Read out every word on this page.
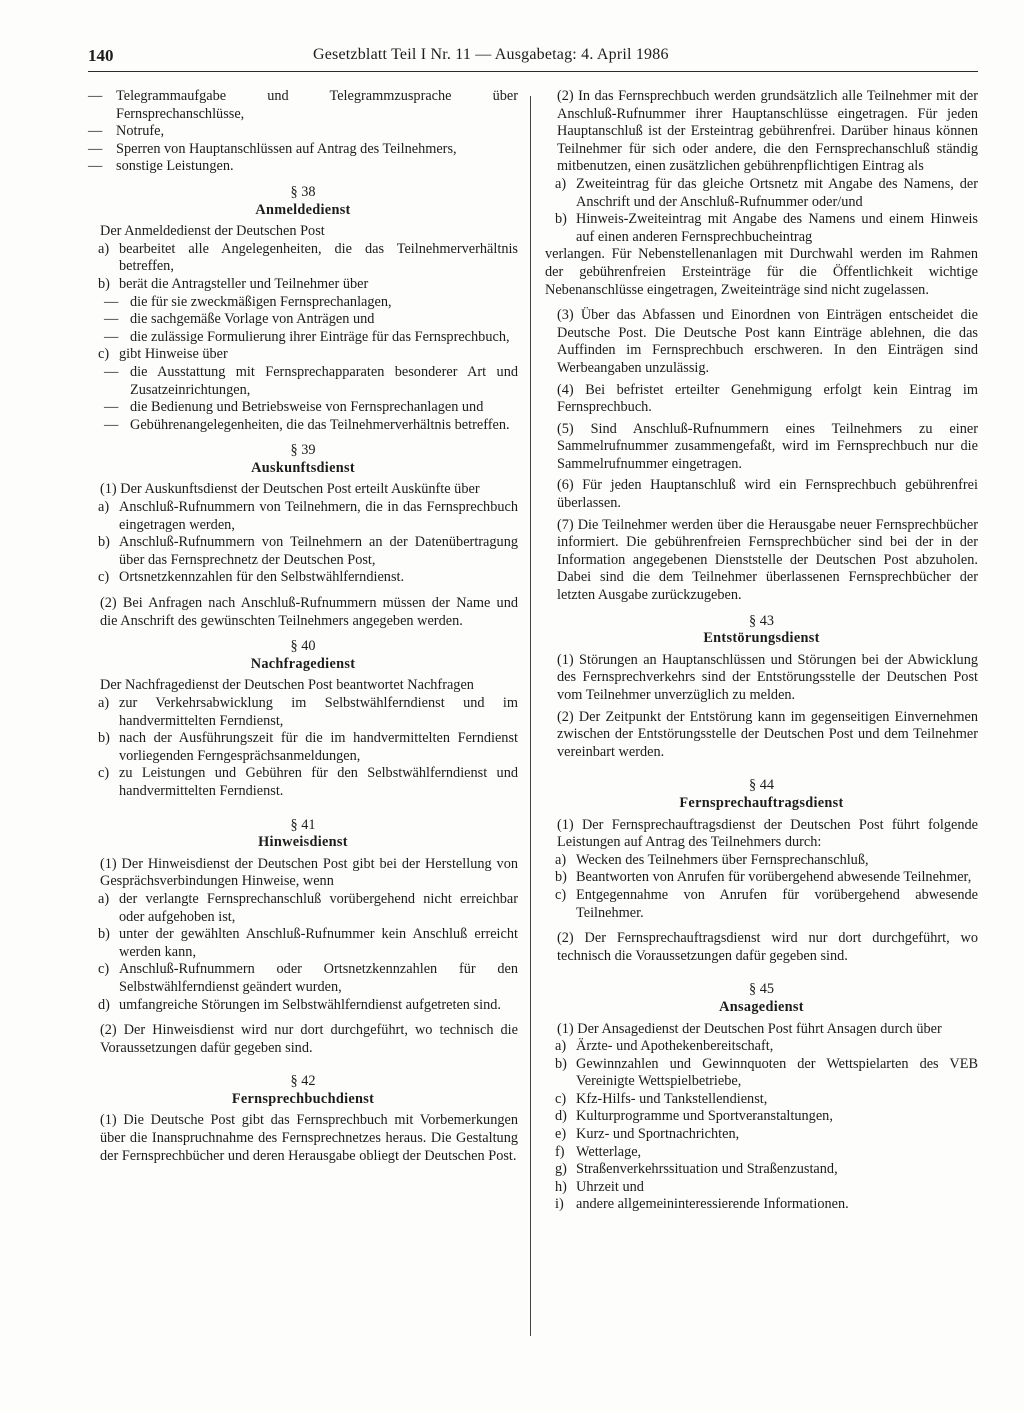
140	Gesetzblatt Teil I Nr. 11 — Ausgabetag: 4. April 1986
— Telegrammaufgabe und Telegrammzusprache über Fernsprechanschlüsse,
— Notrufe,
— Sperren von Hauptanschlüssen auf Antrag des Teilnehmers,
— sonstige Leistungen.
§ 38
Anmeldedienst

Der Anmeldedienst der Deutschen Post

a) bearbeitet alle Angelegenheiten, die das Teilnehmerverhältnis betreffen,
b) berät die Antragsteller und Teilnehmer über
— die für sie zweckmäßigen Fernsprechanlagen,
— die sachgemäße Vorlage von Anträgen und
— die zulässige Formulierung ihrer Einträge für das Fernsprechbuch,
c) gibt Hinweise über
— die Ausstattung mit Fernsprechapparaten besonderer Art und Zusatzeinrichtungen,
— die Bedienung und Betriebsweise von Fernsprechanlagen und
— Gebührenangelegenheiten, die das Teilnehmerverhältnis betreffen.
§ 39
Auskunftsdienst

(1) Der Auskunftsdienst der Deutschen Post erteilt Auskünfte über

a) Anschluß-Rufnummern von Teilnehmern, die in das Fernsprechbuch eingetragen werden,
b) Anschluß-Rufnummern von Teilnehmern an der Datenübertragung über das Fernsprechnetz der Deutschen Post,
c) Ortsnetzkennzahlen für den Selbstwählferndienst.

(2) Bei Anfragen nach Anschluß-Rufnummern müssen der Name und die Anschrift des gewünschten Teilnehmers angegeben werden.

§ 40
Nachfragedienst

Der Nachfragedienst der Deutschen Post beantwortet Nachfragen

a) zur Verkehrsabwicklung im Selbstwählferndienst und im handvermittelten Ferndienst,
b) nach der Ausführungszeit für die im handvermittelten Ferndienst vorliegenden Ferngesprächsanmeldungen,
c) zu Leistungen und Gebühren für den Selbstwählferndienst und handvermittelten Ferndienst.
§ 41
Hinweisdienst

(1) Der Hinweisdienst der Deutschen Post gibt bei der Herstellung von Gesprächsverbindungen Hinweise, wenn

a) der verlangte Fernsprechanschluß vorübergehend nicht erreichbar oder aufgehoben ist,
b) unter der gewählten Anschluß-Rufnummer kein Anschluß erreicht werden kann,
c) Anschluß-Rufnummern oder Ortsnetzkennzahlen für den Selbstwählferndienst geändert wurden,
d) umfangreiche Störungen im Selbstwählferndienst aufgetreten sind.

(2) Der Hinweisdienst wird nur dort durchgeführt, wo technisch die Voraussetzungen dafür gegeben sind.

§ 42
Fernsprechbuchdienst

(1) Die Deutsche Post gibt das Fernsprechbuch mit Vorbemerkungen über die Inanspruchnahme des Fernsprechnetzes heraus. Die Gestaltung der Fernsprechbücher und deren Herausgabe obliegt der Deutschen Post.

(2) In das Fernsprechbuch werden grundsätzlich alle Teilnehmer mit der Anschluß-Rufnummer ihrer Hauptanschlüsse eingetragen. Für jeden Hauptanschluß ist der Ersteintrag gebührenfrei. Darüber hinaus können Teilnehmer für sich oder andere, die den Fernsprechanschluß ständig mitbenutzen, einen zusätzlichen gebührenpflichtigen Eintrag als

a) Zweiteintrag für das gleiche Ortsnetz mit Angabe des Namens, der Anschrift und der Anschluß-Rufnummer oder/und
b) Hinweis-Zweiteintrag mit Angabe des Namens und einem Hinweis auf einen anderen Fernsprechbucheintrag

verlangen. Für Nebenstellenanlagen mit Durchwahl werden im Rahmen der gebührenfreien Ersteinträge für die Öffentlichkeit wichtige Nebenanschlüsse eingetragen, Zweiteinträge sind nicht zugelassen.

(3) Über das Abfassen und Einordnen von Einträgen entscheidet die Deutsche Post. Die Deutsche Post kann Einträge ablehnen, die das Auffinden im Fernsprechbuch erschweren. In den Einträgen sind Werbeangaben unzulässig.

(4) Bei befristet erteilter Genehmigung erfolgt kein Eintrag im Fernsprechbuch.

(5) Sind Anschluß-Rufnummern eines Teilnehmers zu einer Sammelrufnummer zusammengefaßt, wird im Fernsprechbuch nur die Sammelrufnummer eingetragen.

(6) Für jeden Hauptanschluß wird ein Fernsprechbuch gebührenfrei überlassen.

(7) Die Teilnehmer werden über die Herausgabe neuer Fernsprechbücher informiert. Die gebührenfreien Fernsprechbücher sind bei der in der Information angegebenen Dienststelle der Deutschen Post abzuholen. Dabei sind die dem Teilnehmer überlassenen Fernsprechbücher der letzten Ausgabe zurückzugeben.

§ 43
Entstörungsdienst

(1) Störungen an Hauptanschlüssen und Störungen bei der Abwicklung des Fernsprechverkehrs sind der Entstörungsstelle der Deutschen Post vom Teilnehmer unverzüglich zu melden.

(2) Der Zeitpunkt der Entstörung kann im gegenseitigen Einvernehmen zwischen der Entstörungsstelle der Deutschen Post und dem Teilnehmer vereinbart werden.

§ 44
Fernsprechauftragsdienst

(1) Der Fernsprechauftragsdienst der Deutschen Post führt folgende Leistungen auf Antrag des Teilnehmers durch:

a) Wecken des Teilnehmers über Fernsprechanschluß,
b) Beantworten von Anrufen für vorübergehend abwesende Teilnehmer,
c) Entgegennahme von Anrufen für vorübergehend abwesende Teilnehmer.

(2) Der Fernsprechauftragsdienst wird nur dort durchgeführt, wo technisch die Voraussetzungen dafür gegeben sind.

§ 45
Ansagedienst

(1) Der Ansagedienst der Deutschen Post führt Ansagen durch über

a) Ärzte- und Apothekenbereitschaft,
b) Gewinnzahlen und Gewinnquoten der Wettspielarten des VEB Vereinigte Wettspielbetriebe,
c) Kfz-Hilfs- und Tankstellendienst,
d) Kulturprogramme und Sportveranstaltungen,
e) Kurz- und Sportnachrichten,
f) Wetterlage,
g) Straßenverkehrssituation und Straßenzustand,
h) Uhrzeit und
i) andere allgemeininteressierende Informationen.
